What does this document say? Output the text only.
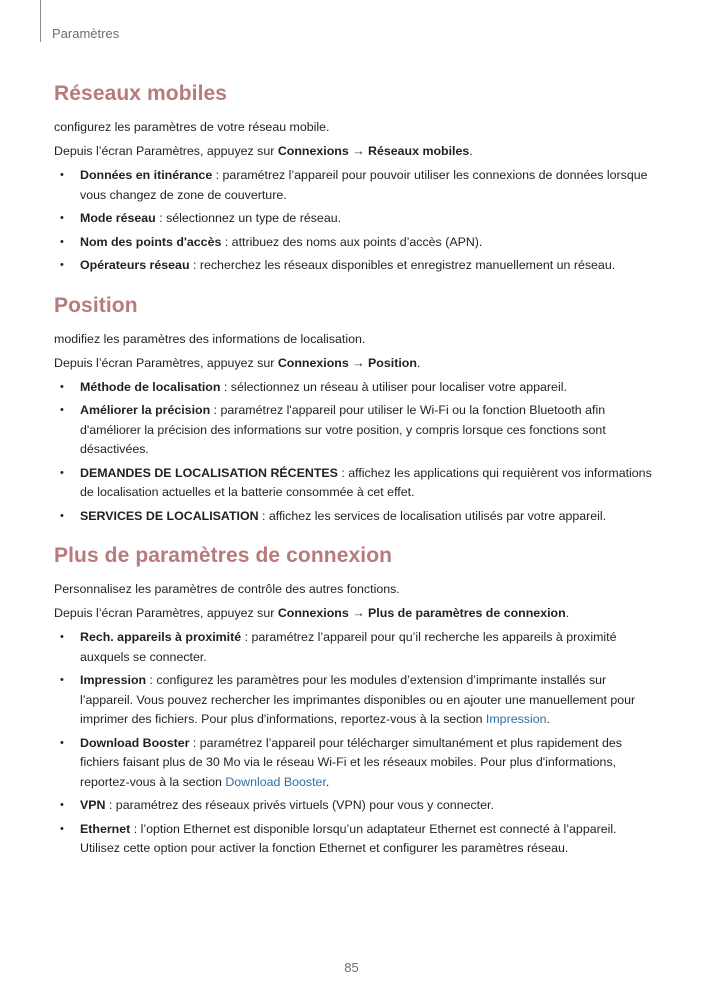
Paramètres
Réseaux mobiles

configurez les paramètres de votre réseau mobile.

Depuis l’écran Paramètres, appuyez sur Connexions → Réseaux mobiles.

• Données en itinérance : paramétrez l’appareil pour pouvoir utiliser les connexions de données lorsque vous changez de zone de couverture.
• Mode réseau : sélectionnez un type de réseau.
• Nom des points d'accès : attribuez des noms aux points d’accès (APN).
• Opérateurs réseau : recherchez les réseaux disponibles et enregistrez manuellement un réseau.
Position

modifiez les paramètres des informations de localisation.

Depuis l’écran Paramètres, appuyez sur Connexions → Position.

• Méthode de localisation : sélectionnez un réseau à utiliser pour localiser votre appareil.
• Améliorer la précision : paramétrez l'appareil pour utiliser le Wi-Fi ou la fonction Bluetooth afin d'améliorer la précision des informations sur votre position, y compris lorsque ces fonctions sont désactivées.
• DEMANDES DE LOCALISATION RÉCENTES : affichez les applications qui requièrent vos informations de localisation actuelles et la batterie consommée à cet effet.
• SERVICES DE LOCALISATION : affichez les services de localisation utilisés par votre appareil.
Plus de paramètres de connexion

Personnalisez les paramètres de contrôle des autres fonctions.

Depuis l’écran Paramètres, appuyez sur Connexions → Plus de paramètres de connexion.

• Rech. appareils à proximité : paramétrez l’appareil pour qu’il recherche les appareils à proximité auxquels se connecter.
• Impression : configurez les paramètres pour les modules d’extension d’imprimante installés sur l’appareil. Vous pouvez rechercher les imprimantes disponibles ou en ajouter une manuellement pour imprimer des fichiers. Pour plus d'informations, reportez-vous à la section Impression.
• Download Booster : paramétrez l’appareil pour télécharger simultanément et plus rapidement des fichiers faisant plus de 30 Mo via le réseau Wi-Fi et les réseaux mobiles. Pour plus d'informations, reportez-vous à la section Download Booster.
• VPN : paramétrez des réseaux privés virtuels (VPN) pour vous y connecter.
• Ethernet : l’option Ethernet est disponible lorsqu’un adaptateur Ethernet est connecté à l’appareil. Utilisez cette option pour activer la fonction Ethernet et configurer les paramètres réseau.
85
